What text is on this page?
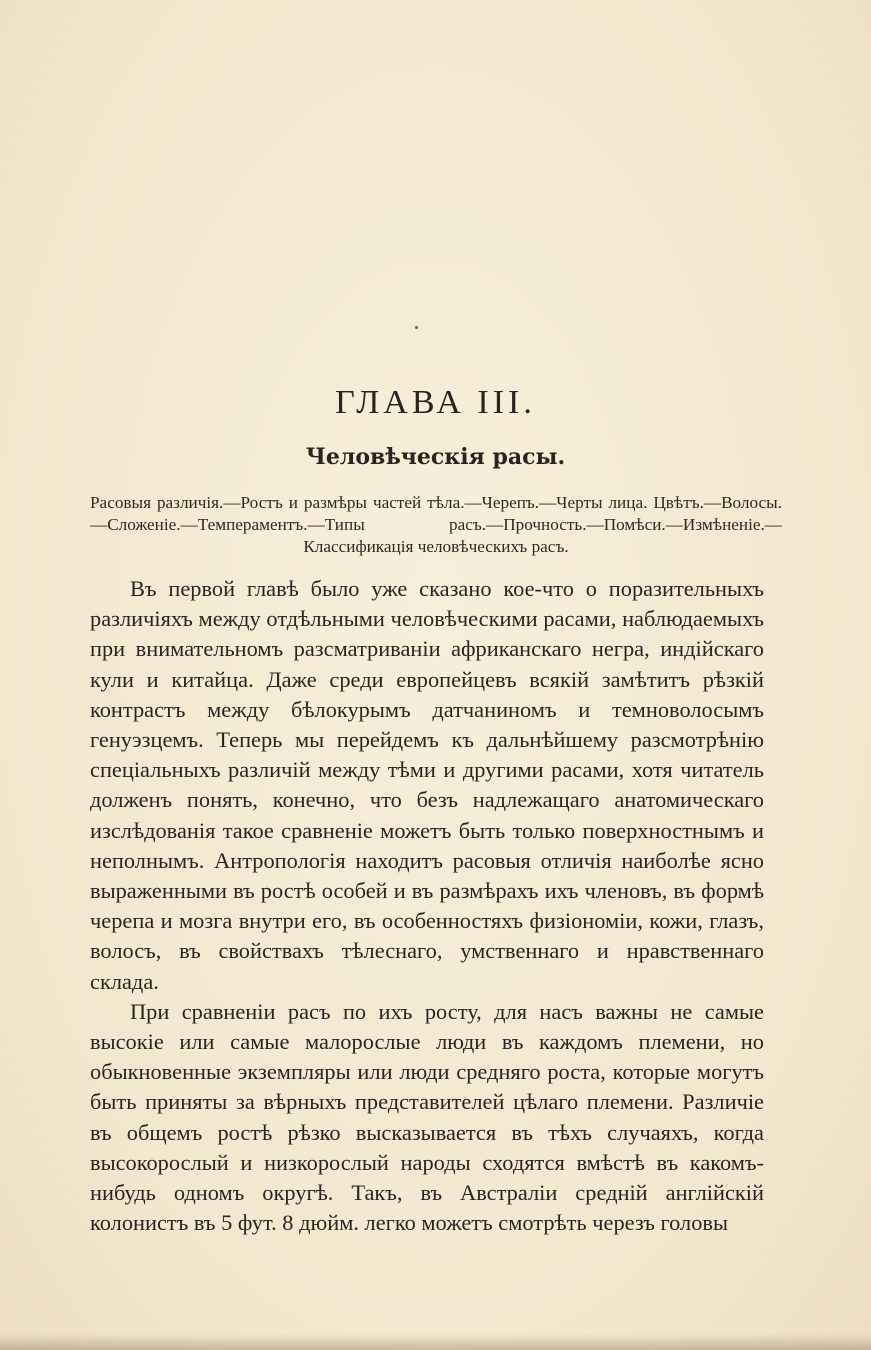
ГЛАВА III.
Человѣческія расы.
Расовыя различія.—Ростъ и размѣры частей тѣла.—Черепъ.—Черты лица. Цвѣтъ.—Волосы.—Сложеніе.—Темпераментъ.—Типы расъ.—Прочность.—Помѣси.—Измѣненіе.—Классификація человѣческихъ расъ.

Въ первой главѣ было уже сказано кое-что о поразительныхъ различіяхъ между отдѣльными человѣческими расами, наблюдаемыхъ при внимательномъ разсматриваніи африканскаго негра, индійскаго кули и китайца. Даже среди европейцевъ всякій замѣтитъ рѣзкій контрастъ между бѣлокурымъ датчаниномъ и темноволосымъ генуэзцемъ. Теперь мы перейдемъ къ дальнѣйшему разсмотрѣнію спеціальныхъ различій между тѣми и другими расами, хотя читатель долженъ понять, конечно, что безъ надлежащаго анатомическаго изслѣдованія такое сравненіе можетъ быть только поверхностнымъ и неполнымъ. Антропологія находитъ расовыя отличія наиболѣе ясно выраженными въ ростѣ особей и въ размѣрахъ ихъ членовъ, въ формѣ черепа и мозга внутри его, въ особенностяхъ физіономіи, кожи, глазъ, волосъ, въ свойствахъ тѣлеснаго, умственнаго и нравственнаго склада.

При сравненіи расъ по ихъ росту, для насъ важны не самые высокіе или самые малорослые люди въ каждомъ племени, но обыкновенные экземпляры или люди средняго роста, которые могутъ быть приняты за вѣрныхъ представителей цѣлаго племени. Различіе въ общемъ ростѣ рѣзко высказывается въ тѣхъ случаяхъ, когда высокорослый и низкорослый народы сходятся вмѣстѣ въ какомъ-нибудь одномъ округѣ. Такъ, въ Австраліи средній англійскій колонистъ въ 5 фут. 8 дюйм. легко можетъ смотрѣть черезъ головы
